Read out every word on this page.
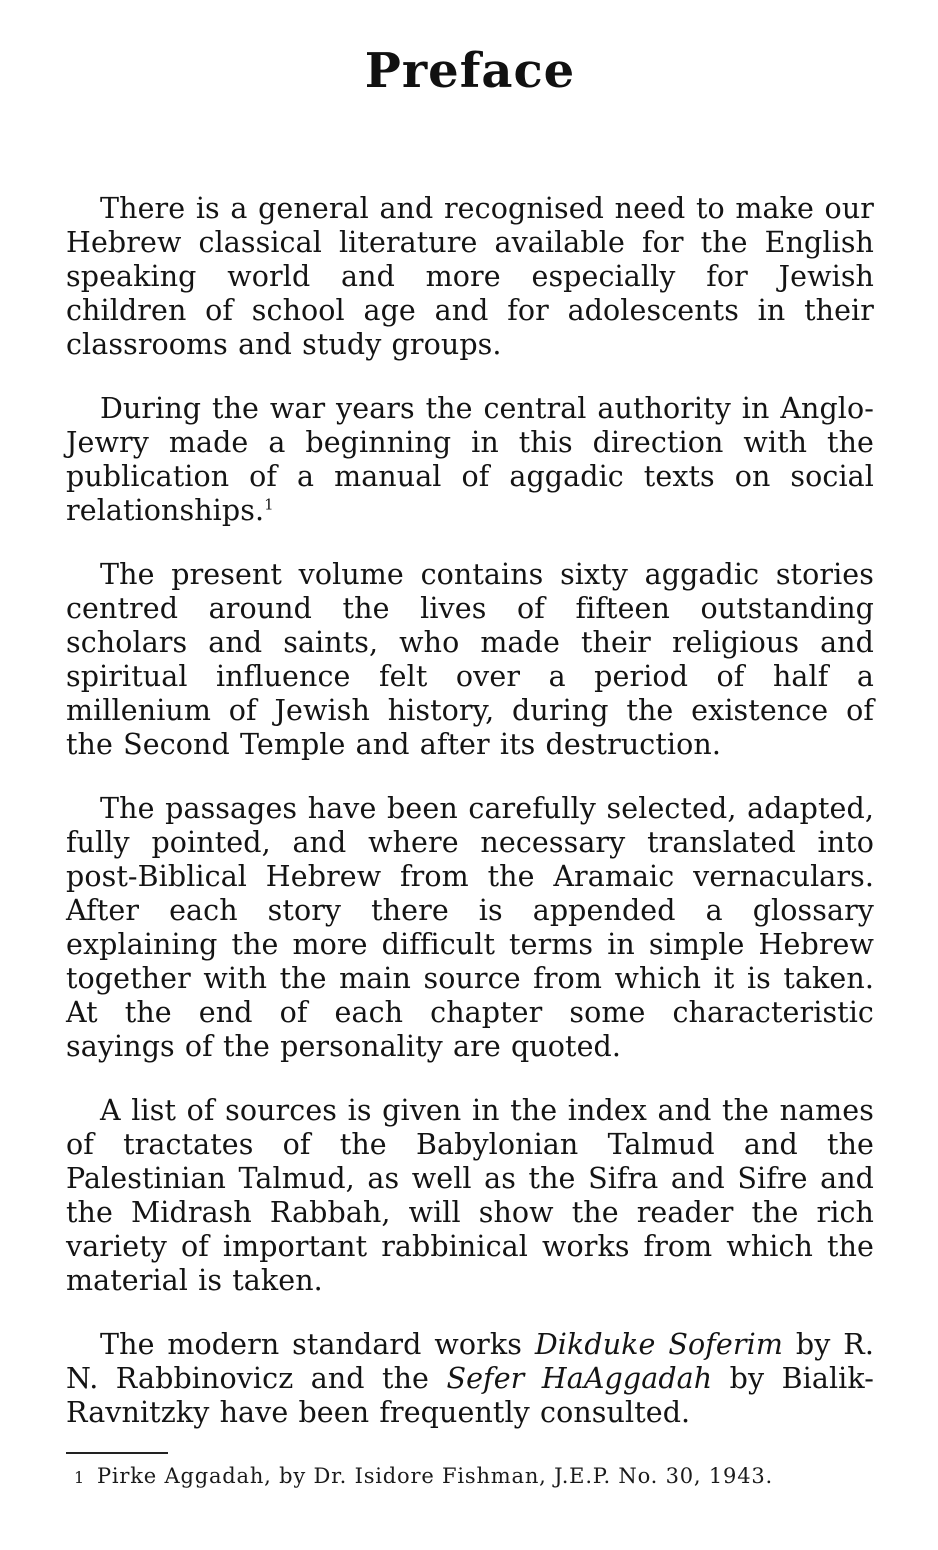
Preface

There is a general and recognised need to make our Hebrew classical literature available for the English speaking world and more especially for Jewish children of school age and for adolescents in their classrooms and study groups.

During the war years the central authority in Anglo-Jewry made a beginning in this direction with the publication of a manual of aggadic texts on social relationships.$^1$

The present volume contains sixty aggadic stories centred around the lives of fifteen outstanding scholars and saints, who made their religious and spiritual influence felt over a period of half a millenium of Jewish history, during the existence of the Second Temple and after its destruction.

The passages have been carefully selected, adapted, fully pointed, and where necessary translated into post-Biblical Hebrew from the Aramaic vernaculars. After each story there is appended a glossary explaining the more difficult terms in simple Hebrew together with the main source from which it is taken. At the end of each chapter some characteristic sayings of the personality are quoted.

A list of sources is given in the index and the names of tractates of the Babylonian Talmud and the Palestinian Talmud, as well as the Sifra and Sifre and the Midrash Rabbah, will show the reader the rich variety of important rabbinical works from which the material is taken.

The modern standard works Dikduke Soferim by R. N. Rabbinovicz and the Sefer HaAggadah by Bialik-Ravnitzky have been frequently consulted.

1 Pirke Aggadah, by Dr. Isidore Fishman, J.E.P. No. 30, 1943.
